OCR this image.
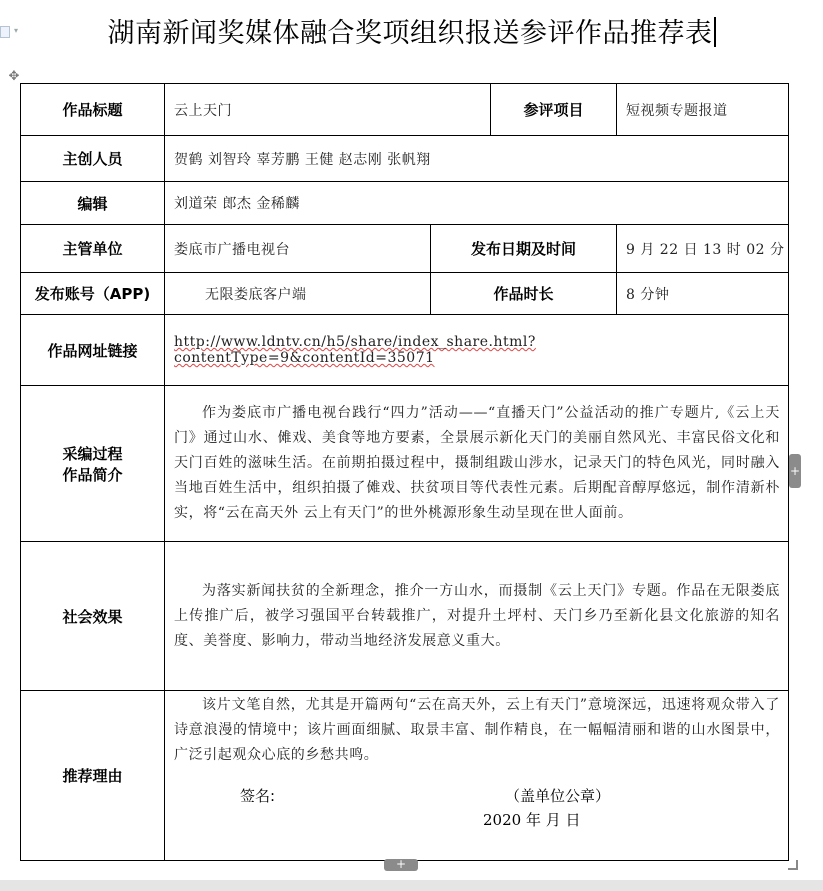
▾	湖南新闻奖媒体融合奖项组织报送参评作品推荐表
✥
作品标题	云上天门		参评项目	短视频专题报道
主创人员	贺鹤 刘智玲 辜芳鹏 王健 赵志刚 张帆翔			
编辑	刘道荣 郎杰 金稀麟			
主管单位	娄底市广播电视台	发布日期及时间		9 月 22 日 13 时 02 分
发布账号（APP)	无限娄底客户端	作品时长		8 分钟
作品网址链接	http://www.ldntv.cn/h5/share/index_share.html?contentType=9&contentId=35071			

采编过程
作品简介	作为娄底市广播电视台践行“四力”活动——“直播天门”公益活动的推广专题片,《云上天门》通过山水、傩戏、美食等地方要素，全景展示新化天门的美丽自然风光、丰富民俗文化和天门百姓的滋味生活。在前期拍摄过程中，摄制组跋山涉水，记录天门的特色风光，同时融入当地百姓生活中，组织拍摄了傩戏、扶贫项目等代表性元素。后期配音醇厚悠远，制作清新朴实，将“云在高天外 云上有天门”的世外桃源形象生动呈现在世人面前。			

社会效果	为落实新闻扶贫的全新理念，推介一方山水，而摄制《云上天门》专题。作品在无限娄底上传推广后，被学习强国平台转载推广，对提升土坪村、天门乡乃至新化县文化旅游的知名度、美誉度、影响力，带动当地经济发展意义重大。			

推荐理由	该片文笔自然，尤其是开篇两句“云在高天外，云上有天门”意境深远，迅速将观众带入了诗意浪漫的情境中；该片画面细腻、取景丰富、制作精良，在一幅幅清丽和谐的山水图景中，广泛引起观众心底的乡愁共鸣。

签名: （盖单位公章）
2020 年 月 日			
+
+
